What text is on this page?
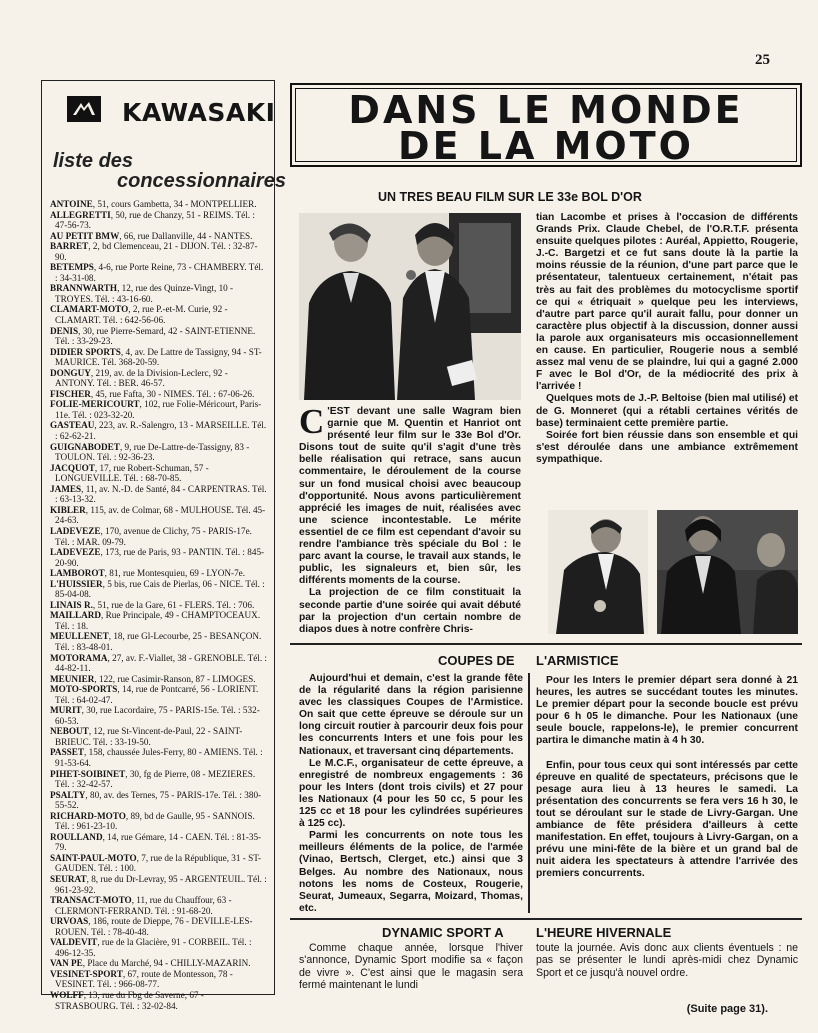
25
KAWASAKI
liste des
concessionnaires

ANTOINE, 51, cours Gambetta, 34 - MONTPELLIER.

ALLEGRETTI, 50, rue de Chanzy, 51 - REIMS. Tél. : 47-56-73.

AU PETIT BMW, 66, rue Dallanville, 44 - NANTES.

BARRET, 2, bd Clemenceau, 21 - DIJON. Tél. : 32-87-90.

BETEMPS, 4-6, rue Porte Reine, 73 - CHAMBERY. Tél. : 34-31-08.

BRANNWARTH, 12, rue des Quinze-Vingt, 10 - TROYES. Tél. : 43-16-60.

CLAMART-MOTO, 2, rue P.-et-M. Curie, 92 - CLAMART. Tél. : 642-56-06.

DENIS, 30, rue Pierre-Semard, 42 - SAINT-ETIENNE. Tél. : 33-29-23.

DIDIER SPORTS, 4, av. De Lattre de Tassigny, 94 - ST-MAURICE. Tél. 368-20-59.

DONGUY, 219, av. de la Division-Leclerc, 92 - ANTONY. Tél. : BER. 46-57.

FISCHER, 45, rue Fafta, 30 - NIMES. Tél. : 67-06-26.

FOLIE-MERICOURT, 102, rue Folie-Méricourt, Paris-11e. Tél. : 023-32-20.

GASTEAU, 223, av. R.-Salengro, 13 - MARSEILLE. Tél. : 62-62-21.

GUIGNABODET, 9, rue De-Lattre-de-Tassigny, 83 - TOULON. Tél. : 92-36-23.

JACQUOT, 17, rue Robert-Schuman, 57 - LONGUEVILLE. Tél. : 68-70-85.

JAMES, 11, av. N.-D. de Santé, 84 - CARPENTRAS. Tél. : 63-13-32.

KIBLER, 115, av. de Colmar, 68 - MULHOUSE. Tél. 45-24-63.

LADEVEZE, 170, avenue de Clichy, 75 - PARIS-17e. Tél. : MAR. 09-79.

LADEVEZE, 173, rue de Paris, 93 - PANTIN. Tél. : 845-20-90.

LAMBOROT, 81, rue Montesquieu, 69 - LYON-7e.

L'HUISSIER, 5 bis, rue Cais de Pierlas, 06 - NICE. Tél. : 85-04-08.

LINAIS R., 51, rue de la Gare, 61 - FLERS. Tél. : 706.

MAILLARD, Rue Principale, 49 - CHAMPTOCEAUX. Tél. : 18.

MEULLENET, 18, rue Gl-Lecourbe, 25 - BESANÇON. Tél. : 83-48-01.

MOTORAMA, 27, av. F.-Viallet, 38 - GRENOBLE. Tél. : 44-82-11.

MEUNIER, 122, rue Casimir-Ranson, 87 - LIMOGES.

MOTO-SPORTS, 14, rue de Pontcarré, 56 - LORIENT. Tél. : 64-02-47.

MURIT, 30, rue Lacordaire, 75 - PARIS-15e. Tél. : 532-60-53.

NEBOUT, 12, rue St-Vincent-de-Paul, 22 - SAINT-BRIEUC. Tél. : 33-19-50.

PASSET, 158, chaussée Jules-Ferry, 80 - AMIENS. Tél. : 91-53-64.

PIHET-SOIBINET, 30, fg de Pierre, 08 - MEZIERES. Tél. : 32-42-57.

PSALTY, 80, av. des Ternes, 75 - PARIS-17e. Tél. : 380-55-52.

RICHARD-MOTO, 89, bd de Gaulle, 95 - SANNOIS. Tél. : 961-23-10.

ROULLAND, 14, rue Gémare, 14 - CAEN. Tél. : 81-35-79.

SAINT-PAUL-MOTO, 7, rue de la République, 31 - ST-GAUDEN. Tél. : 100.

SEURAT, 8, rue du Dr-Levray, 95 - ARGENTEUIL. Tél. : 961-23-92.

TRANSACT-MOTO, 11, rue du Chauffour, 63 - CLERMONT-FERRAND. Tél. : 91-68-20.

URVOAS, 186, route de Dieppe, 76 - DEVILLE-LES-ROUEN. Tél. : 78-40-48.

VALDEVIT, rue de la Glacière, 91 - CORBEIL. Tél. : 496-12-35.

VAN PE, Place du Marché, 94 - CHILLY-MAZARIN.

VESINET-SPORT, 67, route de Montesson, 78 - VESINET. Tél. : 966-08-77.

WOLFF, 13, rue du Fbg de Saverne, 67 - STRASBOURG. Tél. : 32-02-84.

DANS LE MONDE
DE LA MOTO
UN TRES BEAU FILM SUR LE 33e BOL D'OR

C 'EST devant une salle Wagram bien garnie que M. Quentin et Hanriot ont présenté leur film sur le 33e Bol d'Or. Disons tout de suite qu'il s'agit d'une très belle réalisation qui retrace, sans aucun commentaire, le déroulement de la course sur un fond musical choisi avec beaucoup d'opportunité. Nous avons particulièrement apprécié les images de nuit, réalisées avec une science incontestable. Le mérite essentiel de ce film est cependant d'avoir su rendre l'ambiance très spéciale du Bol : le parc avant la course, le travail aux stands, le public, les signaleurs et, bien sûr, les différents moments de la course.

La projection de ce film constituait la seconde partie d'une soirée qui avait débuté par la projection d'un certain nombre de diapos dues à notre confrère Chris-

tian Lacombe et prises à l'occasion de différents Grands Prix. Claude Chebel, de l'O.R.T.F. présenta ensuite quelques pilotes : Auréal, Appietto, Rougerie, J.-C. Bargetzi et ce fut sans doute là la partie la moins réussie de la réunion, d'une part parce que le présentateur, talentueux certainement, n'était pas très au fait des problèmes du motocyclisme sportif ce qui « étriquait » quelque peu les interviews, d'autre part parce qu'il aurait fallu, pour donner un caractère plus objectif à la discussion, donner aussi la parole aux organisateurs mis occasionnellement en cause. En particulier, Rougerie nous a semblé assez mal venu de se plaindre, lui qui a gagné 2.000 F avec le Bol d'Or, de la médiocrité des prix à l'arrivée !

Quelques mots de J.-P. Beltoise (bien mal utilisé) et de G. Monneret (qui a rétabli certaines vérités de base) terminaient cette première partie.

Soirée fort bien réussie dans son ensemble et qui s'est déroulée dans une ambiance extrêmement sympathique.

COUPES DE L'ARMISTICE

Aujourd'hui et demain, c'est la grande fête de la régularité dans la région parisienne avec les classiques Coupes de l'Armistice. On sait que cette épreuve se déroule sur un long circuit routier à parcourir deux fois pour les concurrents Inters et une fois pour les Nationaux, et traversant cinq départements.

Le M.C.F., organisateur de cette épreuve, a enregistré de nombreux engagements : 36 pour les Inters (dont trois civils) et 27 pour les Nationaux (4 pour les 50 cc, 5 pour les 125 cc et 18 pour les cylindrées supérieures à 125 cc).

Parmi les concurrents on note tous les meilleurs éléments de la police, de l'armée (Vinao, Bertsch, Clerget, etc.) ainsi que 3 Belges. Au nombre des Nationaux, nous notons les noms de Costeux, Rougerie, Seurat, Jumeaux, Segarra, Moizard, Thomas, etc.

Pour les Inters le premier départ sera donné à 21 heures, les autres se succédant toutes les minutes. Le premier départ pour la seconde boucle est prévu pour 6 h 05 le dimanche. Pour les Nationaux (une seule boucle, rappelons-le), le premier concurrent partira le dimanche matin à 4 h 30.

Enfin, pour tous ceux qui sont intéressés par cette épreuve en qualité de spectateurs, précisons que le pesage aura lieu à 13 heures le samedi. La présentation des concurrents se fera vers 16 h 30, le tout se déroulant sur le stade de Livry-Gargan. Une ambiance de fête présidera d'ailleurs à cette manifestation. En effet, toujours à Livry-Gargan, on a prévu une mini-fête de la bière et un grand bal de nuit aidera les spectateurs à attendre l'arrivée des premiers concurrents.

DYNAMIC SPORT A L'HEURE HIVERNALE

Comme chaque année, lorsque l'hiver s'annonce, Dynamic Sport modifie sa « façon de vivre ». C'est ainsi que le magasin sera fermé maintenant le lundi

toute la journée. Avis donc aux clients éventuels : ne pas se présenter le lundi après-midi chez Dynamic Sport et ce jusqu'à nouvel ordre.

(Suite page 31).
